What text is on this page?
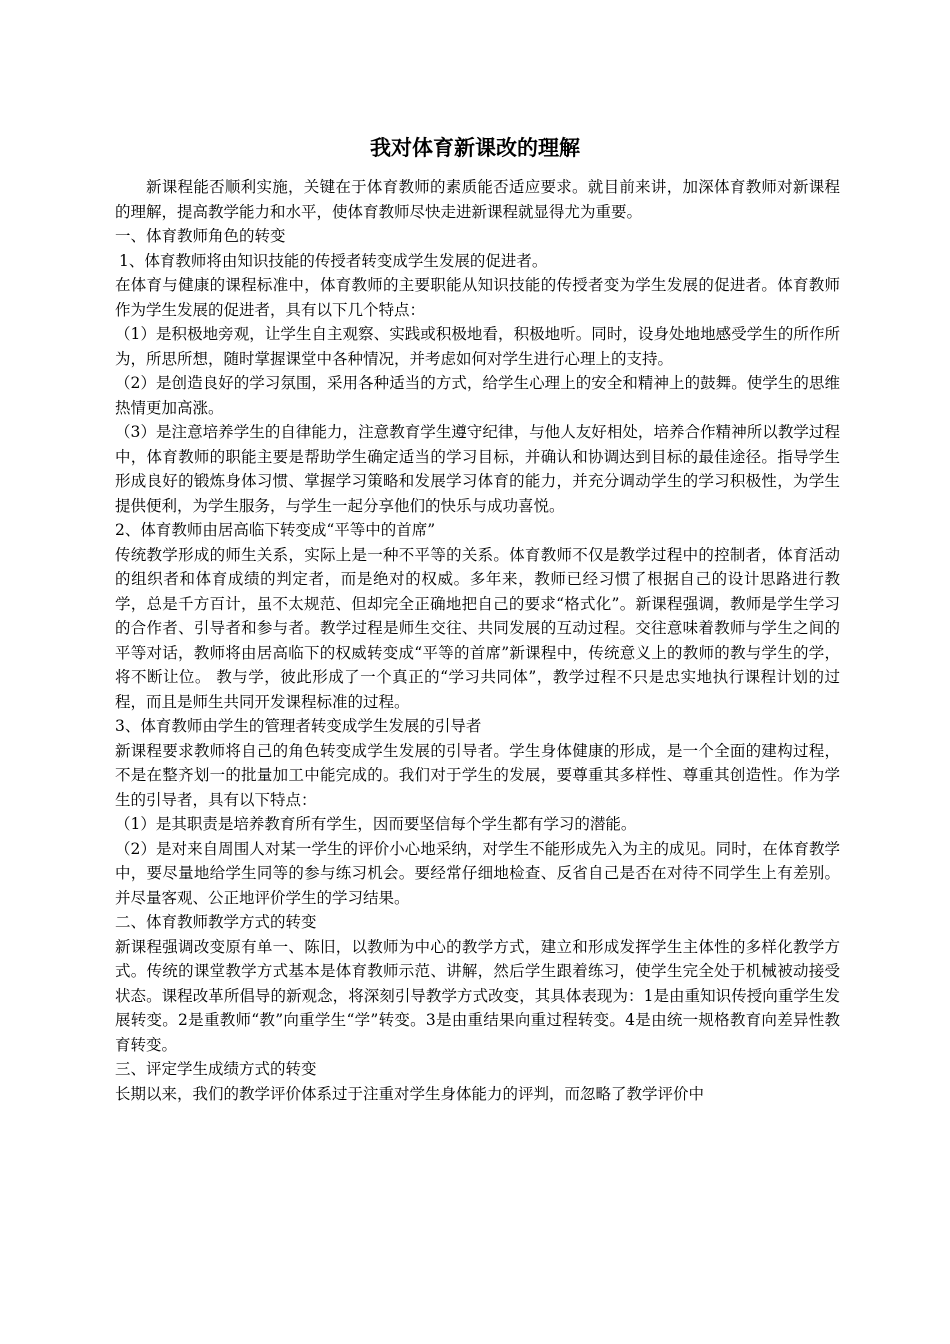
我对体育新课改的理解

新课程能否顺利实施，关键在于体育教师的素质能否适应要求。就目前来讲，加深体育教师对新课程的理解，提高教学能力和水平，使体育教师尽快走进新课程就显得尤为重要。

一、体育教师角色的转变

1、体育教师将由知识技能的传授者转变成学生发展的促进者。

在体育与健康的课程标准中，体育教师的主要职能从知识技能的传授者变为学生发展的促进者。体育教师作为学生发展的促进者，具有以下几个特点：

（1）是积极地旁观，让学生自主观察、实践或积极地看，积极地听。同时，设身处地地感受学生的所作所为，所思所想，随时掌握课堂中各种情况，并考虑如何对学生进行心理上的支持。

（2）是创造良好的学习氛围，采用各种适当的方式，给学生心理上的安全和精神上的鼓舞。使学生的思维热情更加高涨。

（3）是注意培养学生的自律能力，注意教育学生遵守纪律，与他人友好相处，培养合作精神所以教学过程中，体育教师的职能主要是帮助学生确定适当的学习目标，并确认和协调达到目标的最佳途径。指导学生形成良好的锻炼身体习惯、掌握学习策略和发展学习体育的能力，并充分调动学生的学习积极性，为学生提供便利，为学生服务，与学生一起分享他们的快乐与成功喜悦。

2、体育教师由居高临下转变成“平等中的首席”

传统教学形成的师生关系，实际上是一种不平等的关系。体育教师不仅是教学过程中的控制者，体育活动的组织者和体育成绩的判定者，而是绝对的权威。多年来，教师已经习惯了根据自己的设计思路进行教学，总是千方百计，虽不太规范、但却完全正确地把自己的要求“格式化”。新课程强调，教师是学生学习的合作者、引导者和参与者。教学过程是师生交往、共同发展的互动过程。交往意味着教师与学生之间的平等对话，教师将由居高临下的权威转变成“平等的首席”新课程中，传统意义上的教师的教与学生的学，将不断让位。 教与学，彼此形成了一个真正的“学习共同体”，教学过程不只是忠实地执行课程计划的过程，而且是师生共同开发课程标准的过程。

3、体育教师由学生的管理者转变成学生发展的引导者

新课程要求教师将自己的角色转变成学生发展的引导者。学生身体健康的形成，是一个全面的建构过程，不是在整齐划一的批量加工中能完成的。我们对于学生的发展，要尊重其多样性、尊重其创造性。作为学生的引导者，具有以下特点：

（1）是其职责是培养教育所有学生，因而要坚信每个学生都有学习的潜能。

（2）是对来自周围人对某一学生的评价小心地采纳，对学生不能形成先入为主的成见。同时，在体育教学中，要尽量地给学生同等的参与练习机会。要经常仔细地检查、反省自己是否在对待不同学生上有差别。并尽量客观、公正地评价学生的学习结果。

二、体育教师教学方式的转变

新课程强调改变原有单一、陈旧，以教师为中心的教学方式，建立和形成发挥学生主体性的多样化教学方式。传统的课堂教学方式基本是体育教师示范、讲解，然后学生跟着练习，使学生完全处于机械被动接受状态。课程改革所倡导的新观念，将深刻引导教学方式改变，其具体表现为：1是由重知识传授向重学生发展转变。2是重教师“教”向重学生“学”转变。3是由重结果向重过程转变。4是由统一规格教育向差异性教育转变。

三、评定学生成绩方式的转变

长期以来，我们的教学评价体系过于注重对学生身体能力的评判，而忽略了教学评价中
